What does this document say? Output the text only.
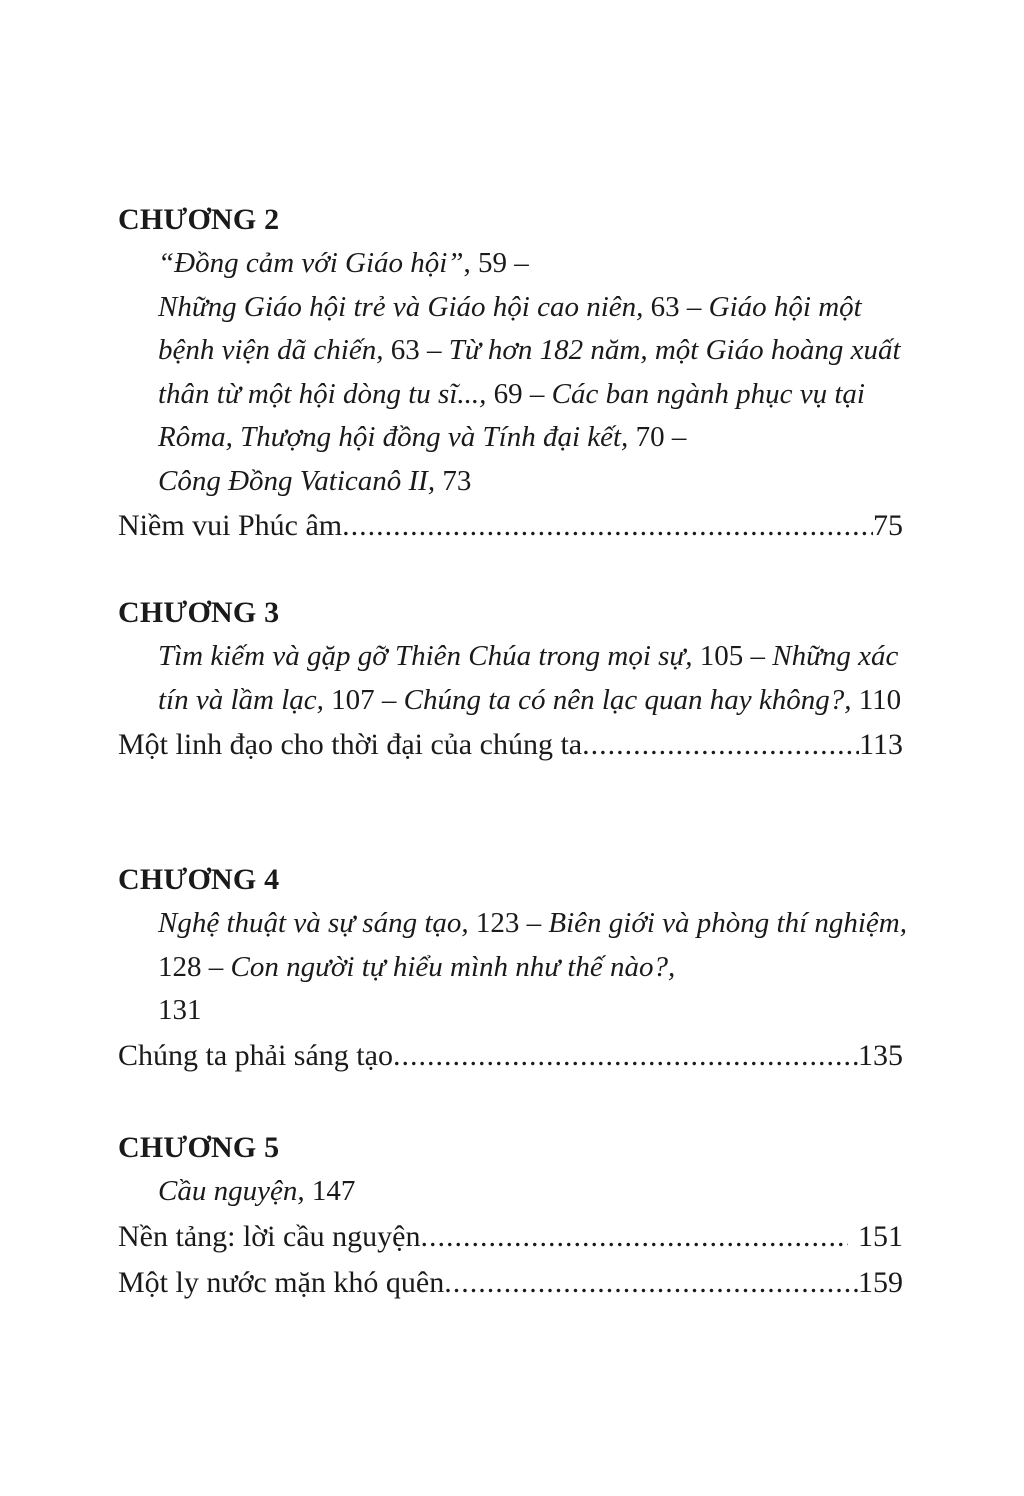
CHƯƠNG 2
“Đồng cảm với Giáo hội”, 59 –
Những Giáo hội trẻ và Giáo hội cao niên, 63 – Giáo hội một bệnh viện dã chiến, 63 – Từ hơn 182 năm, một Giáo hoàng xuất thân từ một hội dòng tu sĩ..., 69 – Các ban ngành phục vụ tại Rôma, Thượng hội đồng và Tính đại kết, 70 –
Công Đồng Vaticanô II, 73
Niềm vui Phúc âm .....	75
CHƯƠNG 3
Tìm kiếm và gặp gỡ Thiên Chúa trong mọi sự, 105 – Những xác tín và lầm lạc, 107 – Chúng ta có nên lạc quan hay không?, 110
Một linh đạo cho thời đại của chúng ta .....	113
CHƯƠNG 4
Nghệ thuật và sự sáng tạo, 123 – Biên giới và phòng thí nghiệm, 128 – Con người tự hiểu mình như thế nào?,
131
Chúng ta phải sáng tạo .....	135
CHƯƠNG 5
Cầu nguyện, 147
Nền tảng: lời cầu nguyện .....	151
Một ly nước mặn khó quên .....	159
